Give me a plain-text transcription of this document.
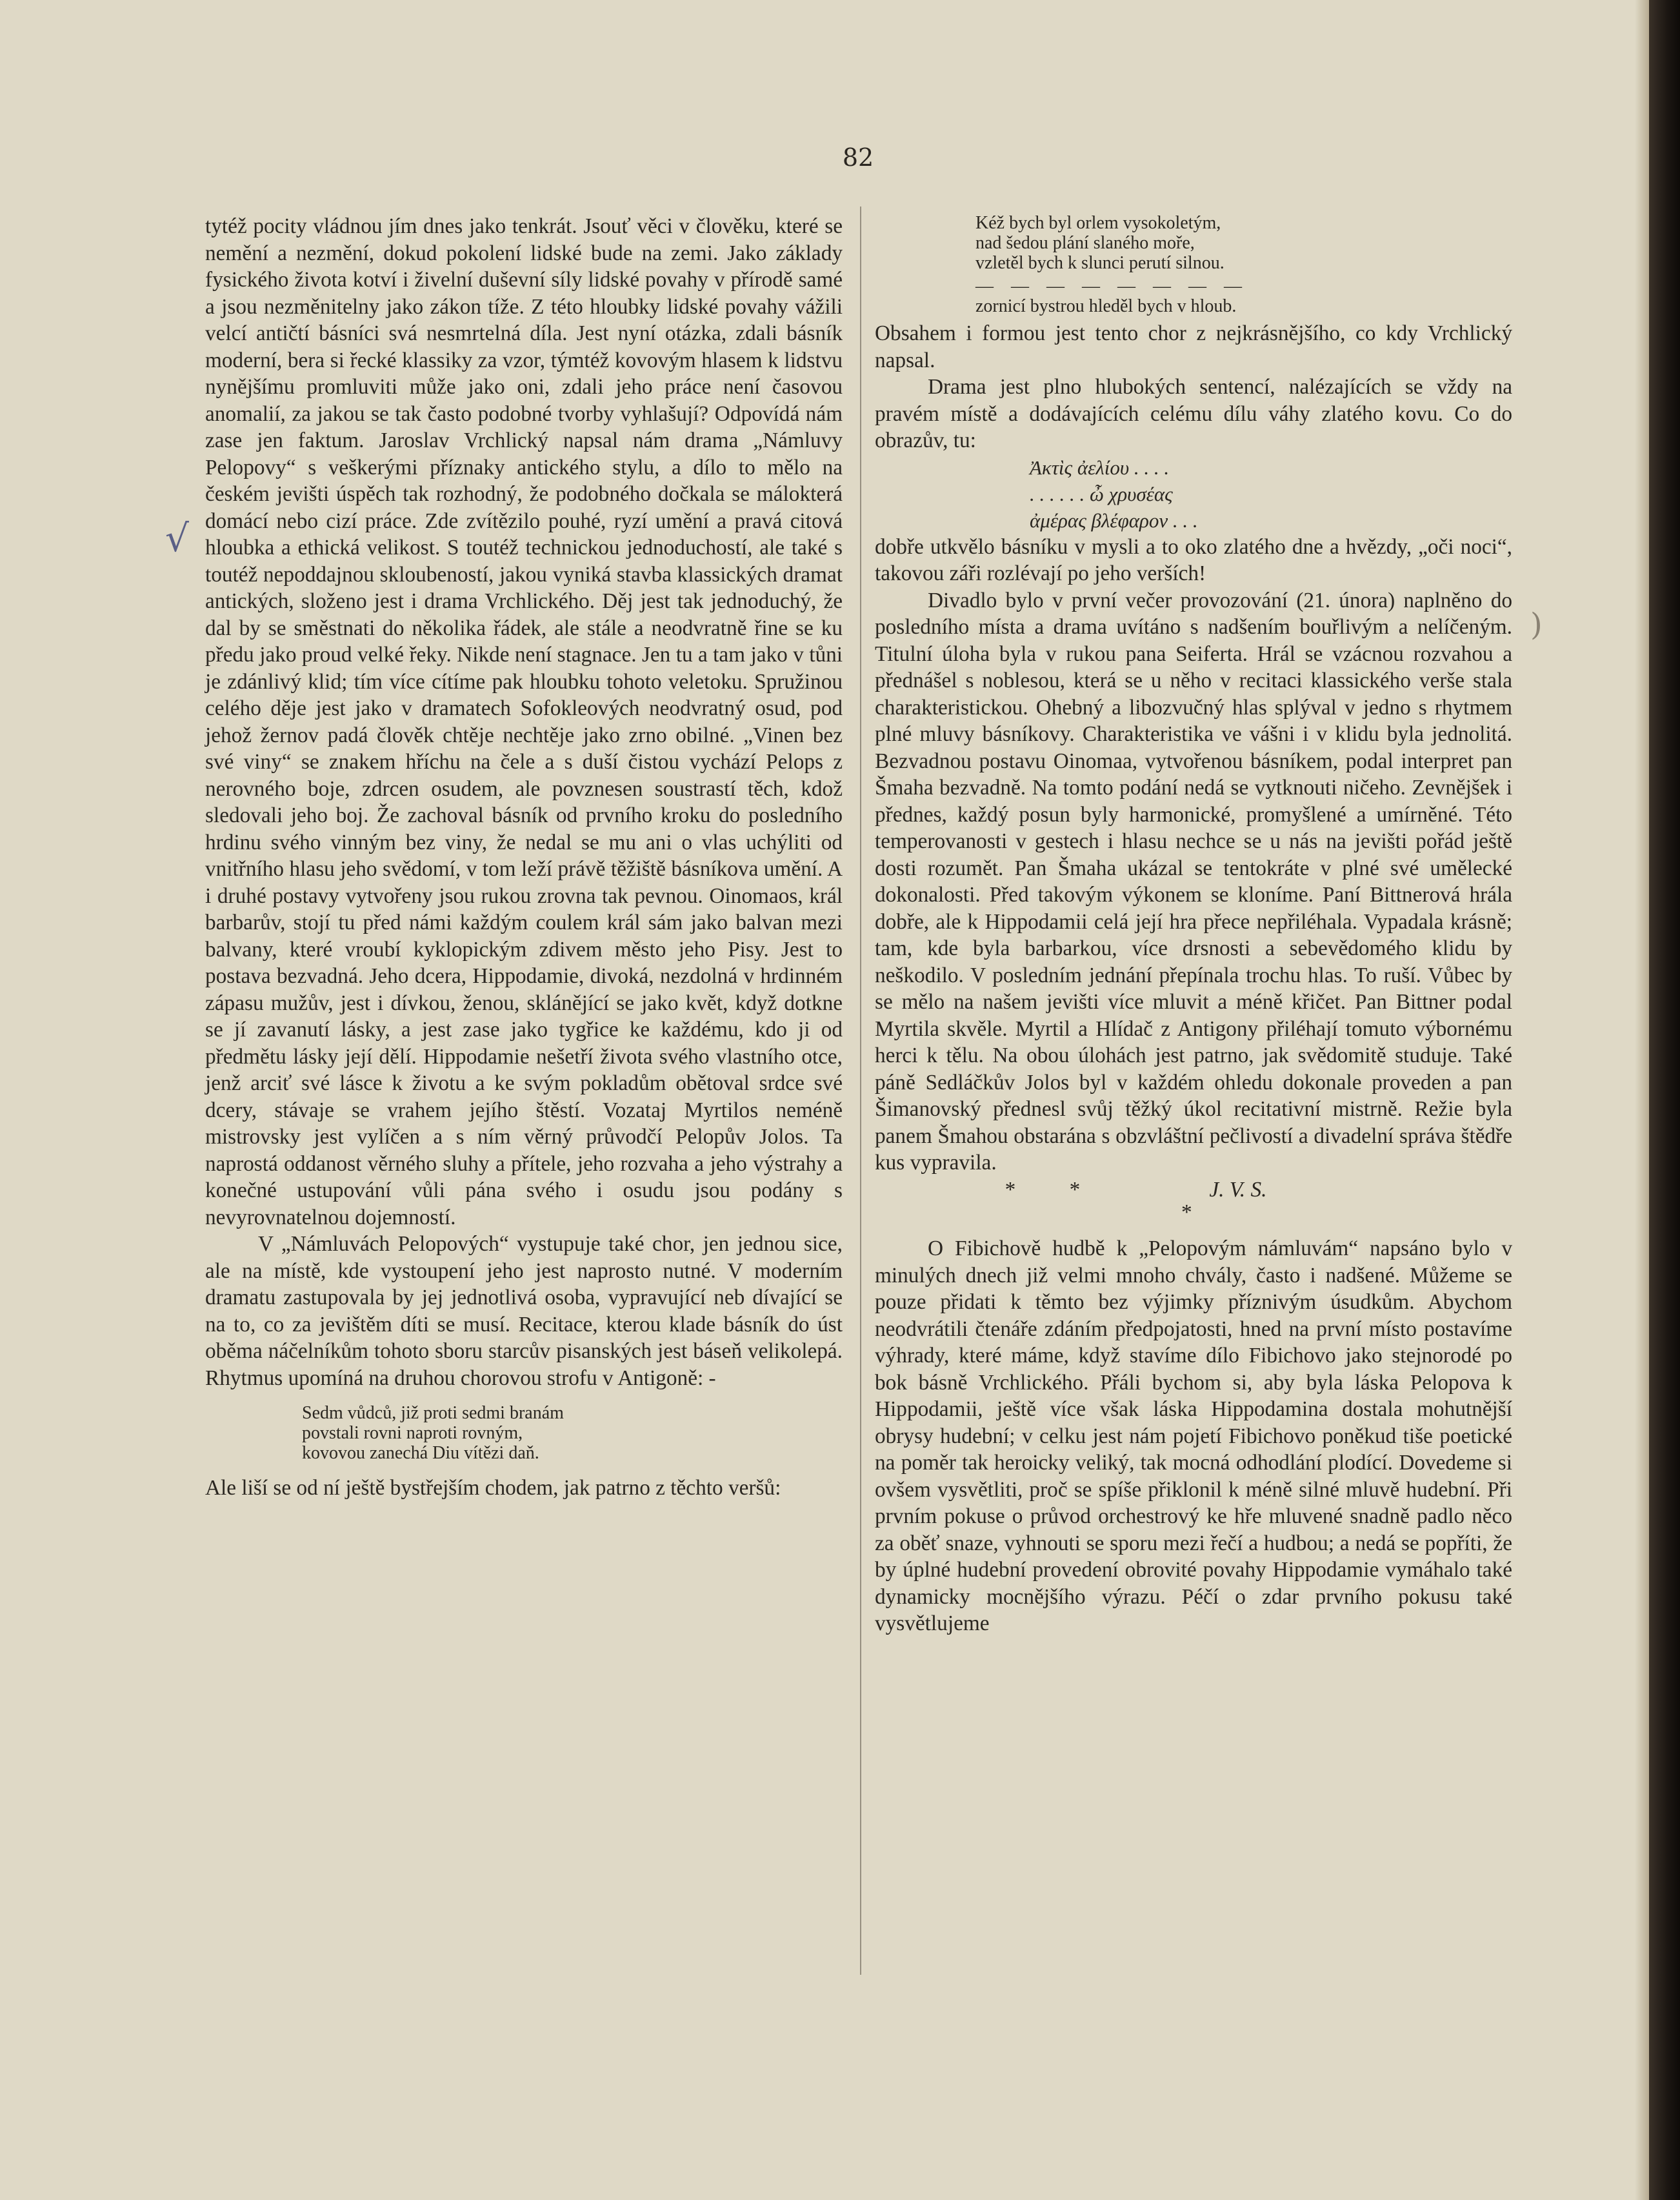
82
√
)

tytéž pocity vládnou jím dnes jako tenkrát. Jsouť věci v člověku, které se nemění a nezmění, dokud pokolení lidské bude na zemi. Jako základy fysického života kotví i živelní duševní síly lidské povahy v přírodě samé a jsou nezměnitelny jako zákon tíže. Z této hloubky lidské povahy vážili velcí antičtí básníci svá nesmrtelná díla. Jest nyní otázka, zdali básník moderní, bera si řecké klassiky za vzor, týmtéž kovovým hlasem k lidstvu nynějšímu promluviti může jako oni, zdali jeho práce není časovou anomalií, za jakou se tak často podobné tvorby vyhlašují? Odpovídá nám zase jen faktum. Jaroslav Vrchlický napsal nám drama „Námluvy Pelopovy“ s veškerými příznaky antického stylu, a dílo to mělo na českém jevišti úspěch tak rozhodný, že podobného dočkala se málokterá domácí nebo cizí práce. Zde zvítězilo pouhé, ryzí umění a pravá citová hloubka a ethická velikost. S toutéž technickou jednoduchostí, ale také s toutéž nepoddajnou skloubeností, jakou vyniká stavba klassických dramat antických, složeno jest i drama Vrchlického. Děj jest tak jednoduchý, že dal by se směstnati do několika řádek, ale stále a neodvratně řine se ku předu jako proud velké řeky. Nikde není stagnace. Jen tu a tam jako v tůni je zdánlivý klid; tím více cítíme pak hloubku tohoto veletoku. Spružinou celého děje jest jako v dramatech Sofokleových neodvratný osud, pod jehož žernov padá člověk chtěje nechtěje jako zrno obilné. „Vinen bez své viny“ se znakem hříchu na čele a s duší čistou vychází Pelops z nerovného boje, zdrcen osudem, ale povznesen soustrastí těch, kdož sledovali jeho boj. Že zachoval básník od prvního kroku do posledního hrdinu svého vinným bez viny, že nedal se mu ani o vlas uchýliti od vnitřního hlasu jeho svědomí, v tom leží právě těžiště básníkova umění. A i druhé postavy vytvořeny jsou rukou zrovna tak pevnou. Oinomaos, král barbarův, stojí tu před námi každým coulem král sám jako balvan mezi balvany, které vroubí kyklopickým zdivem město jeho Pisy. Jest to postava bezvadná. Jeho dcera, Hippodamie, divoká, nezdolná v hrdinném zápasu mužův, jest i dívkou, ženou, sklánějící se jako květ, když dotkne se jí zavanutí lásky, a jest zase jako tygřice ke každému, kdo ji od předmětu lásky její dělí. Hippodamie nešetří života svého vlastního otce, jenž arciť své lásce k životu a ke svým pokladům obětoval srdce své dcery, stávaje se vrahem jejího štěstí. Vozataj Myrtilos neméně mistrovsky jest vylíčen a s ním věrný průvodčí Pelopův Jolos. Ta naprostá oddanost věrného sluhy a přítele, jeho rozvaha a jeho výstrahy a konečné ustupování vůli pána svého i osudu jsou podány s nevyrovnatelnou dojemností.

V „Námluvách Pelopových“ vystupuje také chor, jen jednou sice, ale na místě, kde vystoupení jeho jest naprosto nutné. V moderním dramatu zastupovala by jej jednotlivá osoba, vypravující neb dívající se na to, co za jevištěm díti se musí. Recitace, kterou klade básník do úst oběma náčelníkům tohoto sboru starcův pisanských jest báseň velikolepá. Rhytmus upomíná na druhou chorovou strofu v Antigoně: -

Sedm vůdců, již proti sedmi branám
povstali rovni naproti rovným,
kovovou zanechá Diu vítězi daň.

Ale liší se od ní ještě bystřejším chodem, jak patrno z těchto veršů:

Kéž bych byl orlem vysokoletým,
nad šedou plání slaného moře,
vzletěl bych k slunci perutí silnou.
— — — — — — — —
zornicí bystrou hleděl bych v hloub.

Obsahem i formou jest tento chor z nejkrásnějšího, co kdy Vrchlický napsal.

Drama jest plno hlubokých sentencí, nalézajících se vždy na pravém místě a dodávajících celému dílu váhy zlatého kovu. Co do obrazův, tu:

Ἀκτὶς ἀελίου . . . .
. . . . . . ὦ χρυσέας
ἀμέρας βλέφαρον . . .

dobře utkvělo básníku v mysli a to oko zlatého dne a hvězdy, „oči noci“, takovou záři rozlévají po jeho verších!

Divadlo bylo v první večer provozování (21. února) naplněno do posledního místa a drama uvítáno s nadšením bouřlivým a nelíčeným. Titulní úloha byla v rukou pana Seiferta. Hrál se vzácnou rozvahou a přednášel s noblesou, která se u něho v recitaci klassického verše stala charakteristickou. Ohebný a libozvučný hlas splýval v jedno s rhytmem plné mluvy básníkovy. Charakteristika ve vášni i v klidu byla jednolitá. Bezvadnou postavu Oinomaa, vytvořenou básníkem, podal interpret pan Šmaha bezvadně. Na tomto podání nedá se vytknouti ničeho. Zevnějšek i přednes, každý posun byly harmonické, promyšlené a umírněné. Této temperovanosti v gestech i hlasu nechce se u nás na jevišti pořád ještě dosti rozumět. Pan Šmaha ukázal se tentokráte v plné své umělecké dokonalosti. Před takovým výkonem se kloníme. Paní Bittnerová hrála dobře, ale k Hippodamii celá její hra přece nepřiléhala. Vypadala krásně; tam, kde byla barbarkou, více drsnosti a sebevědomého klidu by neškodilo. V posledním jednání přepínala trochu hlas. To ruší. Vůbec by se mělo na našem jevišti více mluvit a méně křičet. Pan Bittner podal Myrtila skvěle. Myrtil a Hlídač z Antigony přiléhají tomuto výbornému herci k tělu. Na obou úlohách jest patrno, jak svědomitě studuje. Také páně Sedláčkův Jolos byl v každém ohledu dokonale proveden a pan Šimanovský přednesl svůj těžký úkol recitativní mistrně. Režie byla panem Šmahou obstarána s obzvláštní pečlivostí a divadelní správa štědře kus vypravila.

*	*	J. V. S.
*

O Fibichově hudbě k „Pelopovým námluvám“ napsáno bylo v minulých dnech již velmi mnoho chvály, často i nadšené. Můžeme se pouze přidati k těmto bez výjimky příznivým úsudkům. Abychom neodvrátili čtenáře zdáním předpojatosti, hned na první místo postavíme výhrady, které máme, když stavíme dílo Fibichovo jako stejnorodé po bok básně Vrchlického. Přáli bychom si, aby byla láska Pelopova k Hippodamii, ještě více však láska Hippodamina dostala mohutnější obrysy hudební; v celku jest nám pojetí Fibichovo poněkud tiše poetické na poměr tak heroicky veliký, tak mocná odhodlání plodící. Dovedeme si ovšem vysvětliti, proč se spíše přiklonil k méně silné mluvě hudební. Při prvním pokuse o průvod orchestrový ke hře mluvené snadně padlo něco za oběť snaze, vyhnouti se sporu mezi řečí a hudbou; a nedá se popříti, že by úplné hudební provedení obrovité povahy Hippodamie vymáhalo také dynamicky mocnějšího výrazu. Péčí o zdar prvního pokusu také vysvětlujeme
